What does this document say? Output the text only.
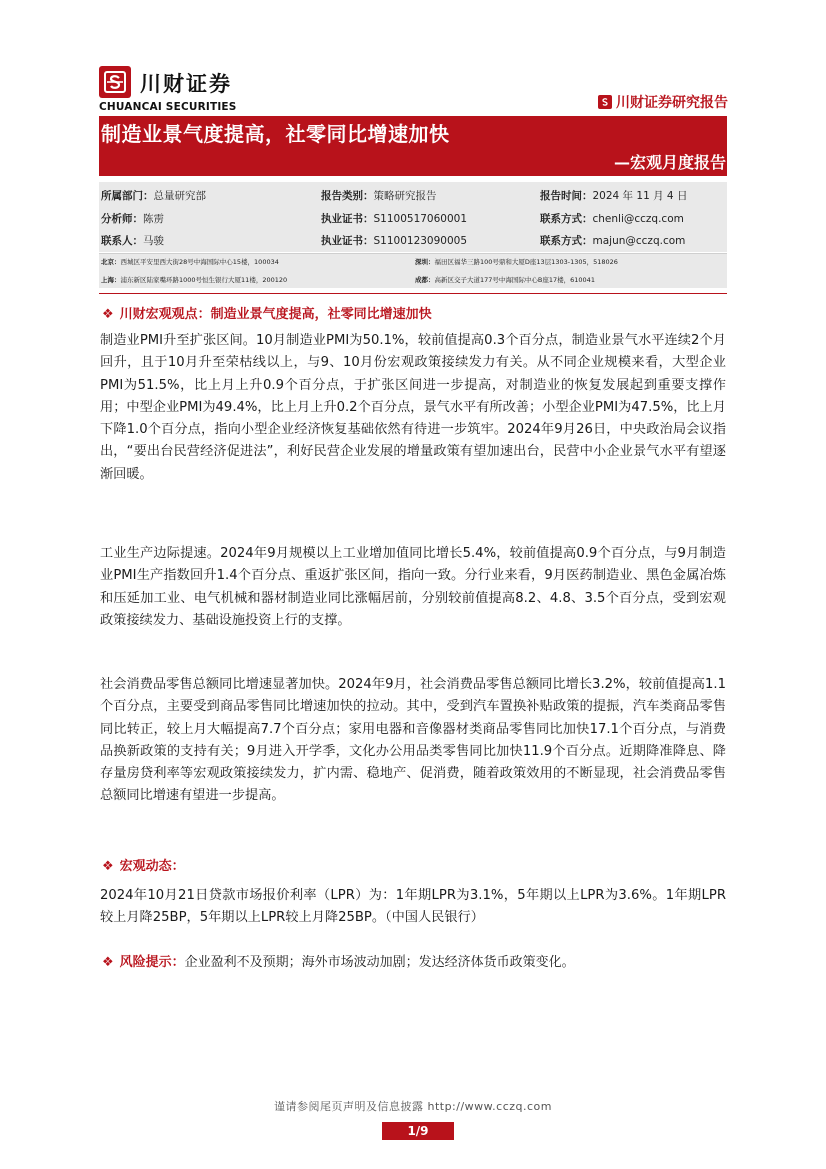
川财证券
CHUANCAI SECURITIES	川财证券研究报告
制造业景气度提高，社零同比增速加快
—宏观月度报告
所属部门：总量研究部	报告类别：策略研究报告	报告时间：2024 年 11 月 4 日
分析师：陈雳	执业证书：S1100517060001	联系方式：chenli@cczq.com
联系人：马骏	执业证书：S1100123090005	联系方式：majun@cczq.com
北京：西城区平安里西大街28号中海国际中心15楼，100034	深圳：福田区福华三路100号鼎和大厦D座13层1303-1305，518026
上海：浦东新区陆家嘴环路1000号恒生银行大厦11楼，200120	成都：高新区交子大道177号中海国际中心B座17楼，610041
❖ 川财宏观观点：制造业景气度提高，社零同比增速加快
制造业PMI升至扩张区间。10月制造业PMI为50.1%，较前值提高0.3个百分点，制造业景气水平连续2个月回升，且于10月升至荣枯线以上，与9、10月份宏观政策接续发力有关。从不同企业规模来看，大型企业PMI为51.5%，比上月上升0.9个百分点，于扩张区间进一步提高，对制造业的恢复发展起到重要支撑作用；中型企业PMI为49.4%，比上月上升0.2个百分点，景气水平有所改善；小型企业PMI为47.5%，比上月下降1.0个百分点，指向小型企业经济恢复基础依然有待进一步筑牢。2024年9月26日，中央政治局会议指出，“要出台民营经济促进法”，利好民营企业发展的增量政策有望加速出台，民营中小企业景气水平有望逐渐回暖。
工业生产边际提速。2024年9月规模以上工业增加值同比增长5.4%，较前值提高0.9个百分点，与9月制造业PMI生产指数回升1.4个百分点、重返扩张区间，指向一致。分行业来看，9月医药制造业、黑色金属冶炼和压延加工业、电气机械和器材制造业同比涨幅居前，分别较前值提高8.2、4.8、3.5个百分点，受到宏观政策接续发力、基础设施投资上行的支撑。
社会消费品零售总额同比增速显著加快。2024年9月，社会消费品零售总额同比增长3.2%，较前值提高1.1个百分点，主要受到商品零售同比增速加快的拉动。其中，受到汽车置换补贴政策的提振，汽车类商品零售同比转正，较上月大幅提高7.7个百分点；家用电器和音像器材类商品零售同比加快17.1个百分点，与消费品换新政策的支持有关；9月进入开学季，文化办公用品类零售同比加快11.9个百分点。近期降准降息、降存量房贷利率等宏观政策接续发力，扩内需、稳地产、促消费，随着政策效用的不断显现，社会消费品零售总额同比增速有望进一步提高。
❖ 宏观动态：
2024年10月21日贷款市场报价利率（LPR）为：1年期LPR为3.1%，5年期以上LPR为3.6%。1年期LPR较上月降25BP，5年期以上LPR较上月降25BP。（中国人民银行）
❖ 风险提示：企业盈利不及预期；海外市场波动加剧；发达经济体货币政策变化。
谨请参阅尾页声明及信息披露 http://www.cczq.com
1/9
